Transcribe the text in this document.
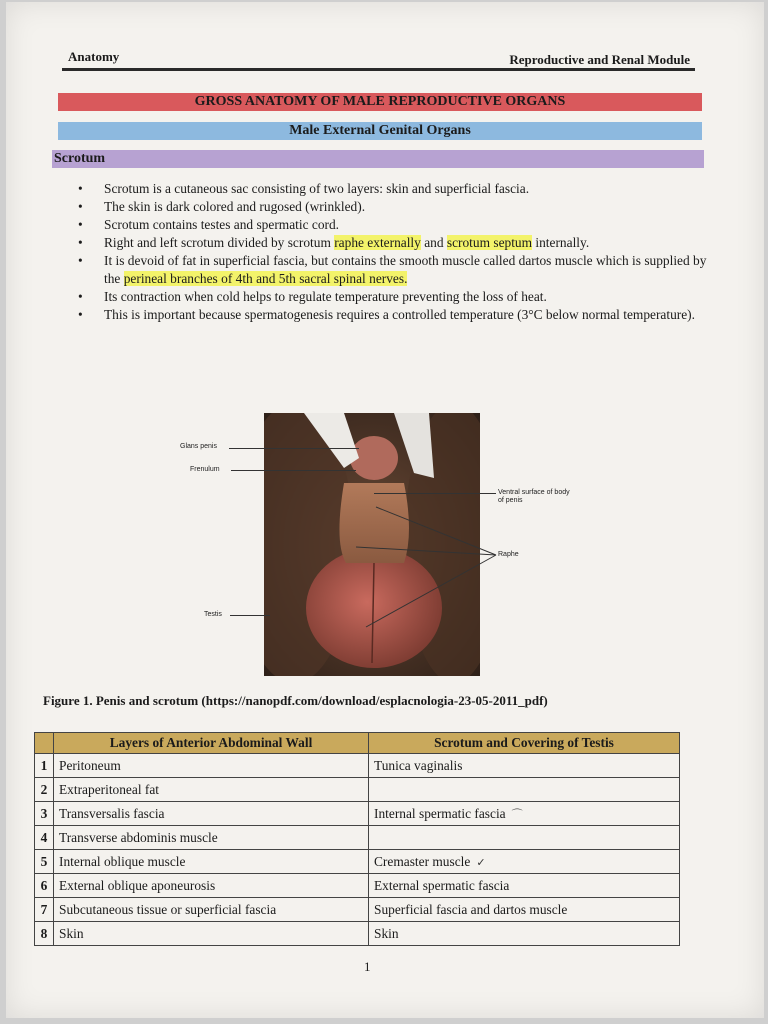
Anatomy	Reproductive and Renal Module
GROSS ANATOMY OF MALE REPRODUCTIVE ORGANS
Male External Genital Organs
Scrotum
• Scrotum is a cutaneous sac consisting of two layers: skin and superficial fascia.
• The skin is dark colored and rugosed (wrinkled).
• Scrotum contains testes and spermatic cord.
• Right and left scrotum divided by scrotum raphe externally and scrotum septum internally.
• It is devoid of fat in superficial fascia, but contains the smooth muscle called dartos muscle which is supplied by the perineal branches of 4th and 5th sacral spinal nerves.
• Its contraction when cold helps to regulate temperature preventing the loss of heat.
• This is important because spermatogenesis requires a controlled temperature (3°C below normal temperature).
Glans penis
Frenulum
Testis
Ventral surface of body of penis
Raphe
Figure 1. Penis and scrotum (https://nanopdf.com/download/esplacnologia-23-05-2011_pdf)
	Layers of Anterior Abdominal Wall	Scrotum and Covering of Testis
1	Peritoneum	Tunica vaginalis
2	Extraperitoneal fat	
3	Transversalis fascia	Internal spermatic fascia ⌒
4	Transverse abdominis muscle	
5	Internal oblique muscle	Cremaster muscle ✓
6	External oblique aponeurosis	External spermatic fascia
7	Subcutaneous tissue or superficial fascia	Superficial fascia and dartos muscle
8	Skin	Skin
1
